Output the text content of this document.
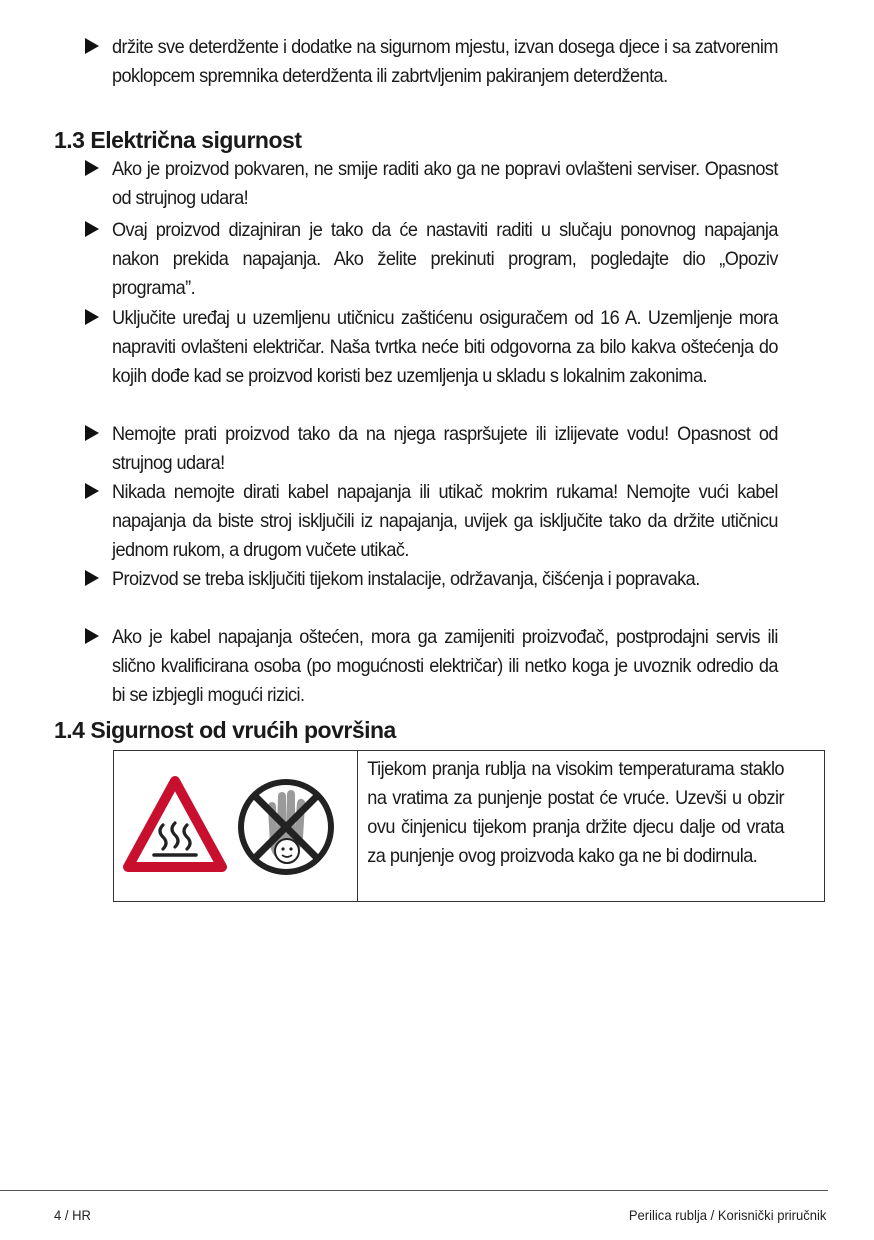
držite sve deterdžente i dodatke na sigurnom mjestu, izvan dosega djece i sa zatvorenim poklopcem spremnika deterdženta ili zabrtvljenim pakiranjem deterdženta.
1.3 Električna sigurnost
Ako je proizvod pokvaren, ne smije raditi ako ga ne popravi ovlašteni serviser. Opasnost od strujnog udara!
Ovaj proizvod dizajniran je tako da će nastaviti raditi u slučaju ponovnog napajanja nakon prekida napajanja. Ako želite prekinuti program, pogledajte dio „Opoziv programa”.
Uključite uređaj u uzemljenu utičnicu zaštićenu osiguračem od 16 A. Uzemljenje mora napraviti ovlašteni električar. Naša tvrtka neće biti odgovorna za bilo kakva oštećenja do kojih dođe kad se proizvod koristi bez uzemljenja u skladu s lokalnim zakonima.
Nemojte prati proizvod tako da na njega raspršujete ili izlijevate vodu! Opasnost od strujnog udara!
Nikada nemojte dirati kabel napajanja ili utikač mokrim rukama! Nemojte vući kabel napajanja da biste stroj isključili iz napajanja, uvijek ga isključite tako da držite utičnicu jednom rukom, a drugom vučete utikač.
Proizvod se treba isključiti tijekom instalacije, održavanja, čišćenja i popravaka.
Ako je kabel napajanja oštećen, mora ga zamijeniti proizvođač, postprodajni servis ili slično kvalificirana osoba (po mogućnosti električar) ili netko koga je uvoznik odredio da bi se izbjegli mogući rizici.
1.4 Sigurnost od vrućih površina
Tijekom pranja rublja na visokim temperaturama staklo na vratima za punjenje postat će vruće. Uzevši u obzir ovu činjenicu tijekom pranja držite djecu dalje od vrata za punjenje ovog proizvoda kako ga ne bi dodirnula.
4 / HR	Perilica rublja / Korisnički priručnik
